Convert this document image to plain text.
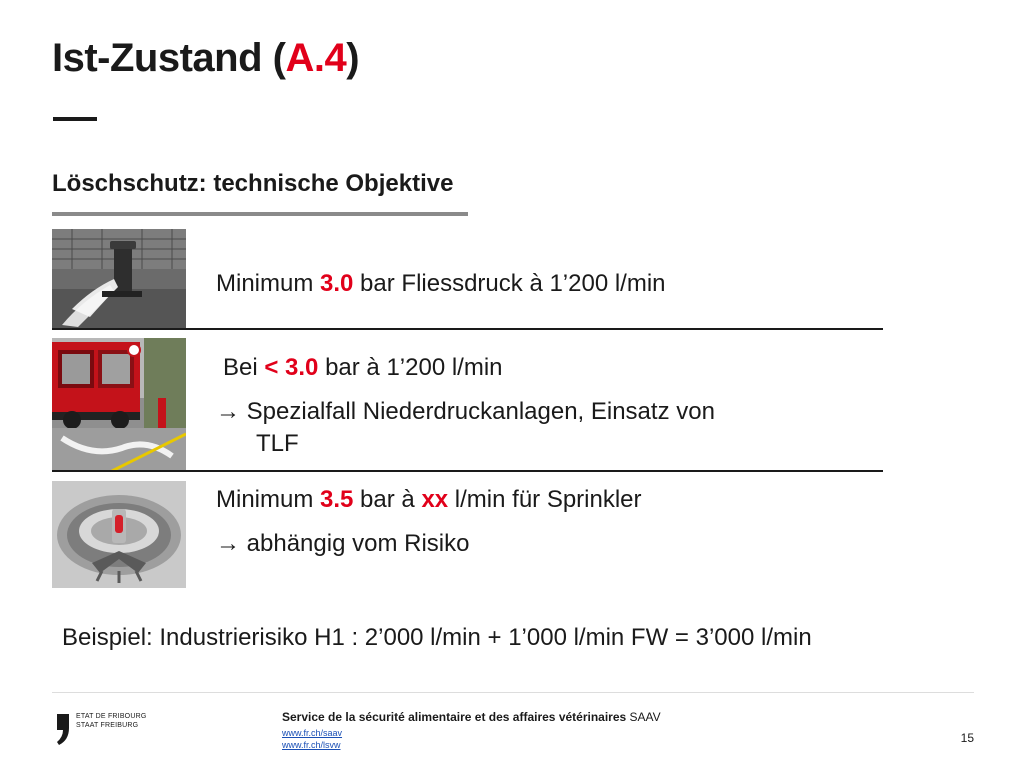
Ist-Zustand (A.4)
Löschschutz: technische Objektive

Minimum 3.0 bar Fliessdruck à 1’200 l/min

Bei < 3.0 bar à 1’200 l/min

→ Spezialfall Niederdruckanlagen, Einsatz von

TLF

Minimum 3.5 bar à xx l/min für Sprinkler

→ abhängig vom Risiko

Beispiel: Industrierisiko H1 : 2’000 l/min + 1’000 l/min FW = 3’000 l/min

ETAT DE FRIBOURG
STAAT FREIBURG
Service de la sécurité alimentaire et des affaires vétérinaires SAAV
www.fr.ch/saav
www.fr.ch/lsvw	15
